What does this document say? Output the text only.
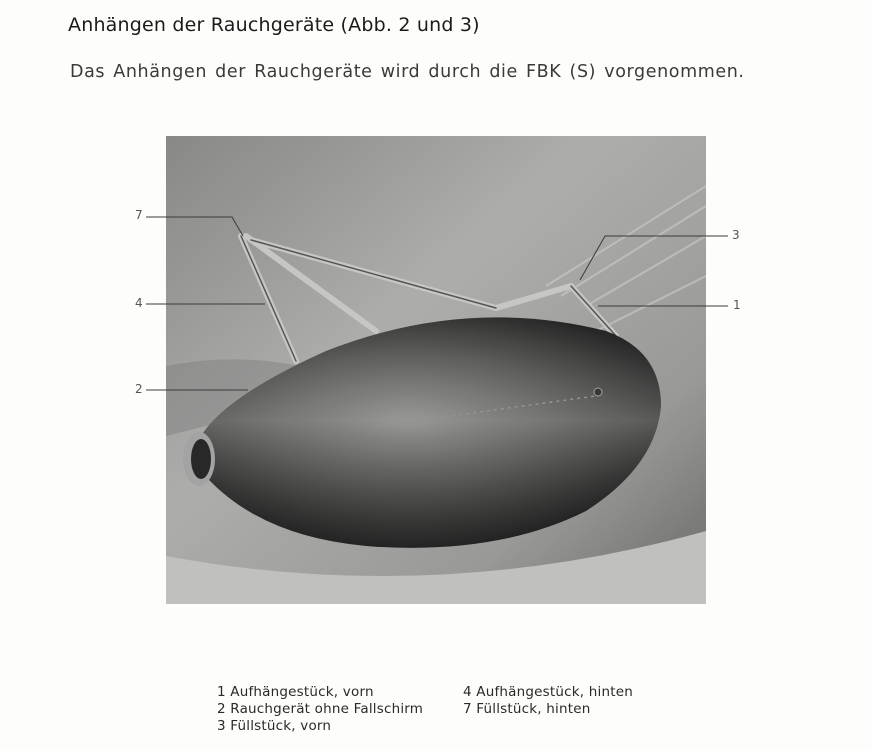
Anhängen der Rauchgeräte (Abb. 2 und 3)
Das Anhängen der Rauchgeräte wird durch die FBK (S) vorgenommen.
7
4
2
3
1
1 Aufhängestück, vorn
2 Rauchgerät ohne Fallschirm
3 Füllstück, vorn
4 Aufhängestück, hinten
7 Füllstück, hinten
